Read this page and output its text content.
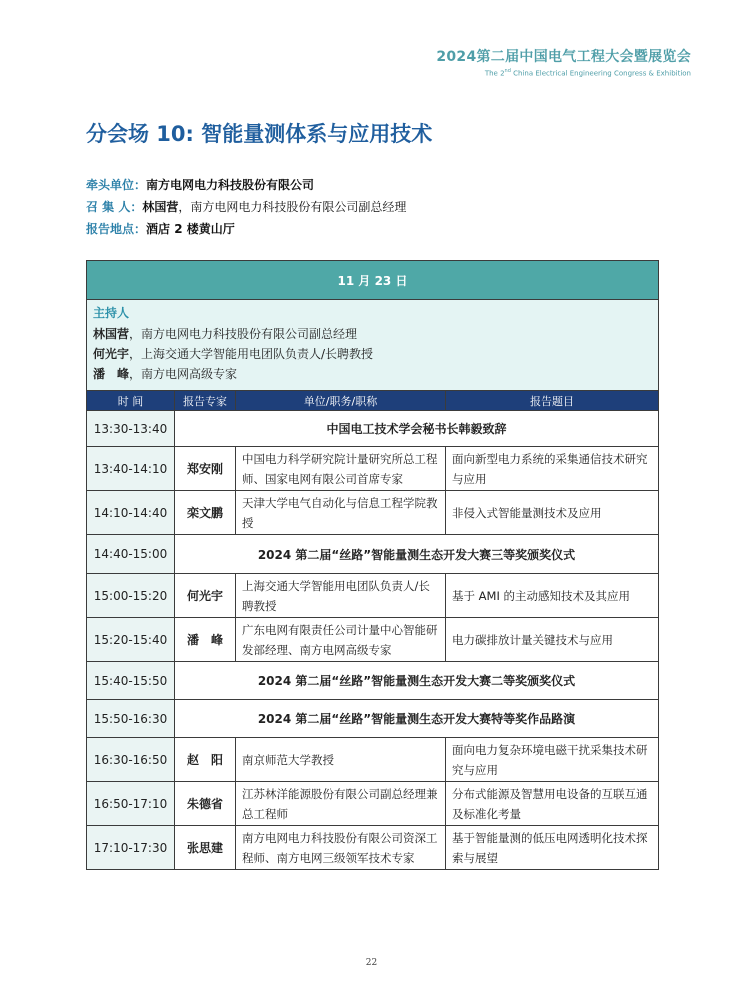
2024第二届中国电气工程大会暨展览会
The 2nd China Electrical Engineering Congress & Exhibition
分会场 10: 智能量测体系与应用技术
牵头单位：南方电网电力科技股份有限公司
召 集 人：林国营，南方电网电力科技股份有限公司副总经理
报告地点：酒店 2 楼黄山厅
11 月 23 日			

主持人
林国营，南方电网电力科技股份有限公司副总经理
何光宇，上海交通大学智能用电团队负责人/长聘教授
潘　峰，南方电网高级专家			

时 间	报告专家	单位/职务/职称	报告题目
13:30-13:40	中国电工技术学会秘书长韩毅致辞		
13:40-14:10	郑安刚	中国电力科学研究院计量研究所总工程师、国家电网有限公司首席专家	面向新型电力系统的采集通信技术研究与应用
14:10-14:40	栾文鹏	天津大学电气自动化与信息工程学院教授	非侵入式智能量测技术及应用
14:40-15:00	2024 第二届“丝路”智能量测生态开发大赛三等奖颁奖仪式		
15:00-15:20	何光宇	上海交通大学智能用电团队负责人/长聘教授	基于 AMI 的主动感知技术及其应用
15:20-15:40	潘　峰	广东电网有限责任公司计量中心智能研发部经理、南方电网高级专家	电力碳排放计量关键技术与应用
15:40-15:50	2024 第二届“丝路”智能量测生态开发大赛二等奖颁奖仪式		
15:50-16:30	2024 第二届“丝路”智能量测生态开发大赛特等奖作品路演		
16:30-16:50	赵　阳	南京师范大学教授	面向电力复杂环境电磁干扰采集技术研究与应用
16:50-17:10	朱德省	江苏林洋能源股份有限公司副总经理兼总工程师	分布式能源及智慧用电设备的互联互通及标准化考量
17:10-17:30	张思建	南方电网电力科技股份有限公司资深工程师、南方电网三级领军技术专家	基于智能量测的低压电网透明化技术探索与展望
22
